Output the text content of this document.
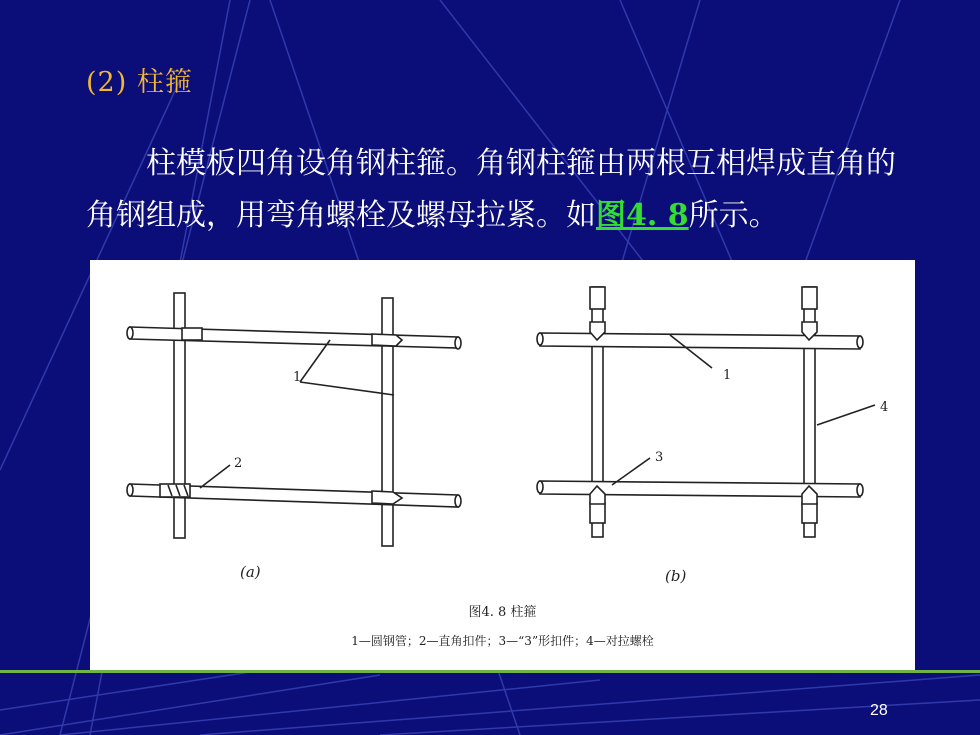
(2) 柱箍
柱模板四角设角钢柱箍。角钢柱箍由两根互相焊成直角的角钢组成，用弯角螺栓及螺母拉紧。如图4. 8所示。
1
2
1
3
4
(a)	(b)
图4. 8 柱箍
1—圆钢管；2—直角扣件；3—“3”形扣件；4—对拉螺栓
28
